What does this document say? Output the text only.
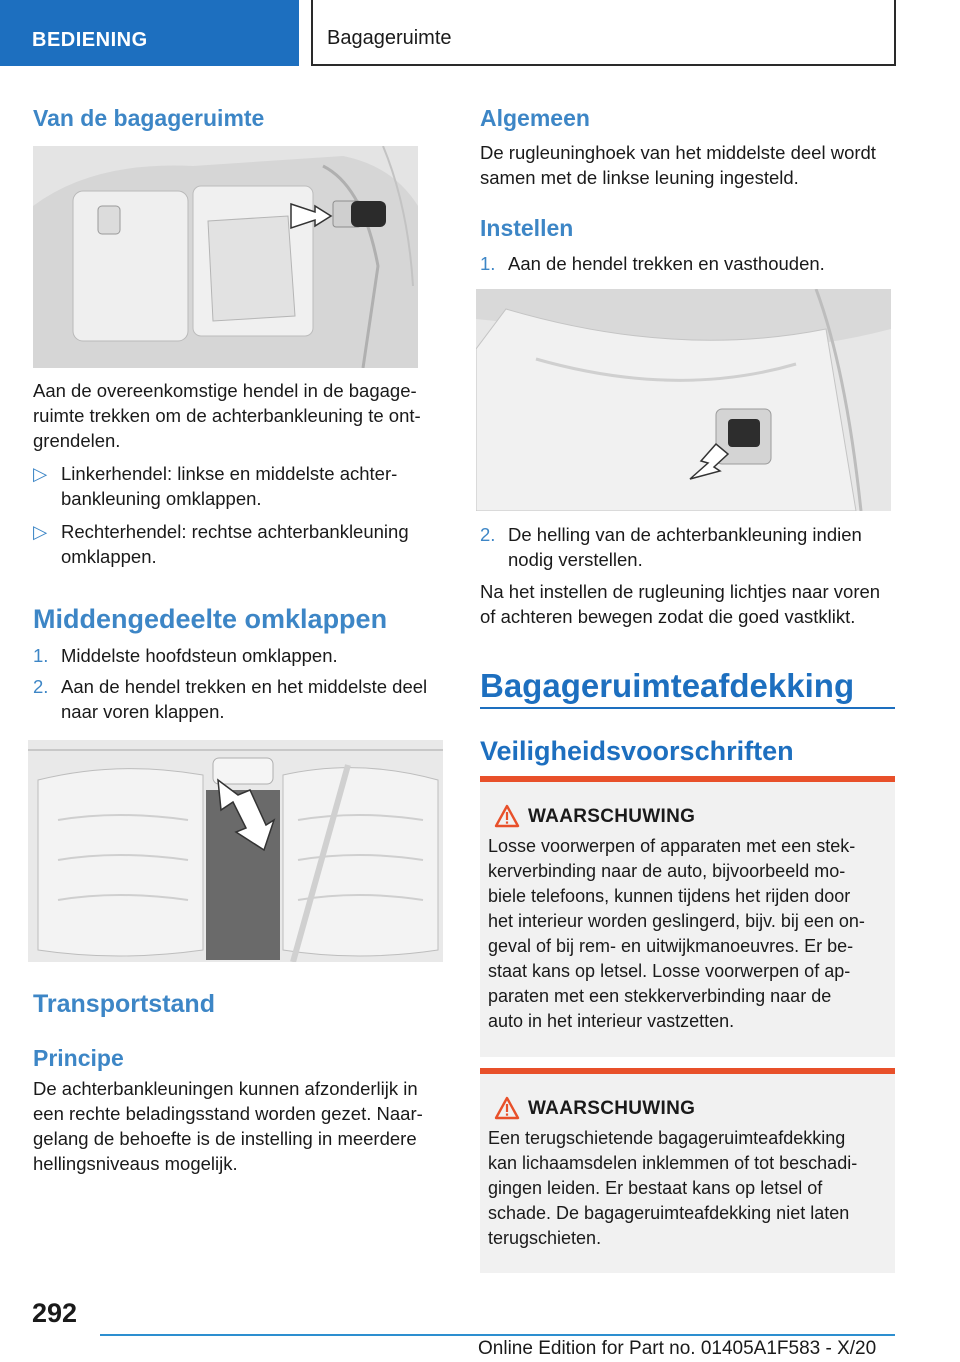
BEDIENING	Bagageruimte
Van de bagageruimte
Aan de overeenkomstige hendel in de bagage-
ruimte trekken om de achterbankleuning te ont-
grendelen.
▷ Linkerhendel: linkse en middelste achter-
bankleuning omklappen.
▷ Rechterhendel: rechtse achterbankleuning
omklappen.
Middengedeelte omklappen
1. Middelste hoofdsteun omklappen.
2. Aan de hendel trekken en het middelste deel
naar voren klappen.
Transportstand
Principe
De achterbankleuningen kunnen afzonderlijk in
een rechte beladingsstand worden gezet. Naar-
gelang de behoefte is de instelling in meerdere
hellingsniveaus mogelijk.
Algemeen
De rugleuninghoek van het middelste deel wordt
samen met de linkse leuning ingesteld.
Instellen
1. Aan de hendel trekken en vasthouden.
2. De helling van de achterbankleuning indien
nodig verstellen.
Na het instellen de rugleuning lichtjes naar voren
of achteren bewegen zodat die goed vastklikt.
Bagageruimteafdekking
Veiligheidsvoorschriften
WAARSCHUWING
Losse voorwerpen of apparaten met een stek-
kerverbinding naar de auto, bijvoorbeeld mo-
biele telefoons, kunnen tijdens het rijden door
het interieur worden geslingerd, bijv. bij een on-
geval of bij rem- en uitwijkmanoeuvres. Er be-
staat kans op letsel. Losse voorwerpen of ap-
paraten met een stekkerverbinding naar de
auto in het interieur vastzetten.
WAARSCHUWING
Een terugschietende bagageruimteafdekking
kan lichaamsdelen inklemmen of tot beschadi-
gingen leiden. Er bestaat kans op letsel of
schade. De bagageruimteafdekking niet laten
terugschieten.
292
Online Edition for Part no. 01405A1F583 - X/20
